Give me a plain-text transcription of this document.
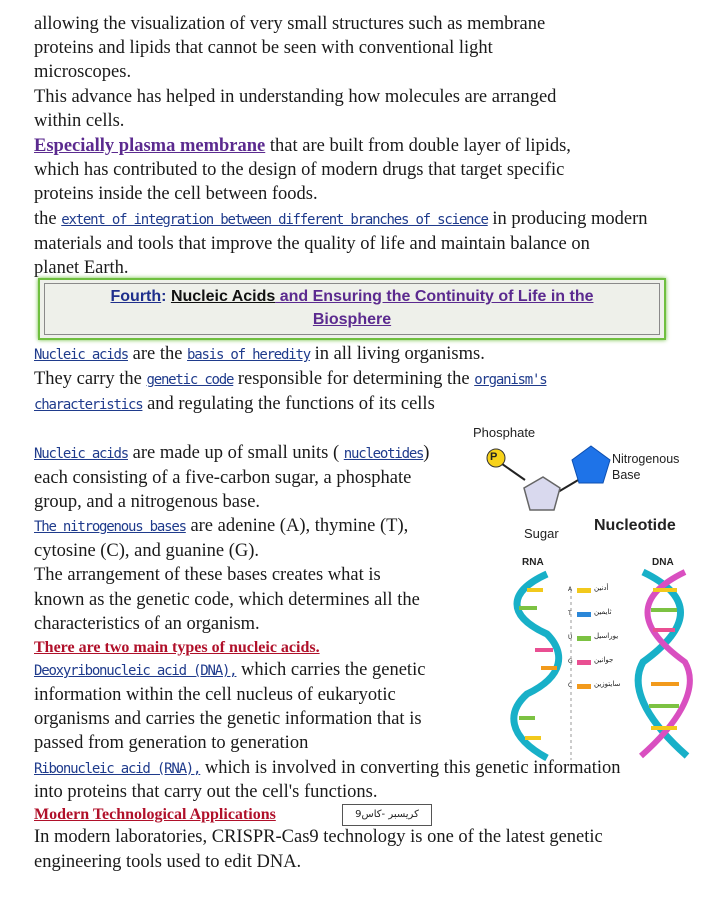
allowing the visualization of very small structures such as membrane
proteins and lipids that cannot be seen with conventional light
microscopes.
This advance has helped in understanding how molecules are arranged
within cells.
Especially plasma membrane that are built from double layer of lipids,
which has contributed to the design of modern drugs that target specific
proteins inside the cell between foods.
the extent of integration between different branches of science in producing modern
materials and tools that improve the quality of life and maintain balance on
planet Earth.
Fourth: Nucleic Acids and Ensuring the Continuity of Life in the
Biosphere
Nucleic acids are the basis of heredity in all living organisms.
They carry the genetic code responsible for determining the organism's
characteristics and regulating the functions of its cells
Nucleic acids are made up of small units ( nucleotides)
each consisting of a five-carbon sugar, a phosphate
group, and a nitrogenous base.
The nitrogenous bases are adenine (A), thymine (T),
cytosine (C), and guanine (G).
The arrangement of these bases creates what is
known as the genetic code, which determines all the
characteristics of an organism.
There are two main types of nucleic acids.
Deoxyribonucleic acid (DNA), which carries the genetic
information within the cell nucleus of eukaryotic
organisms and carries the genetic information that is
passed from generation to generation
Ribonucleic acid (RNA), which is involved in converting this genetic information
into proteins that carry out the cell's functions.
Modern Technological Applications	كريسبر -كاس9
In modern laboratories, CRISPR-Cas9 technology is one of the latest genetic
engineering tools used to edit DNA.
Phosphate
P	Nitrogenous
Base
Sugar Nucleotide
RNA	DNA
A	أدنين
T	ثايمين
U	يوراسيل
G	جوانين
C	سايتوزين
